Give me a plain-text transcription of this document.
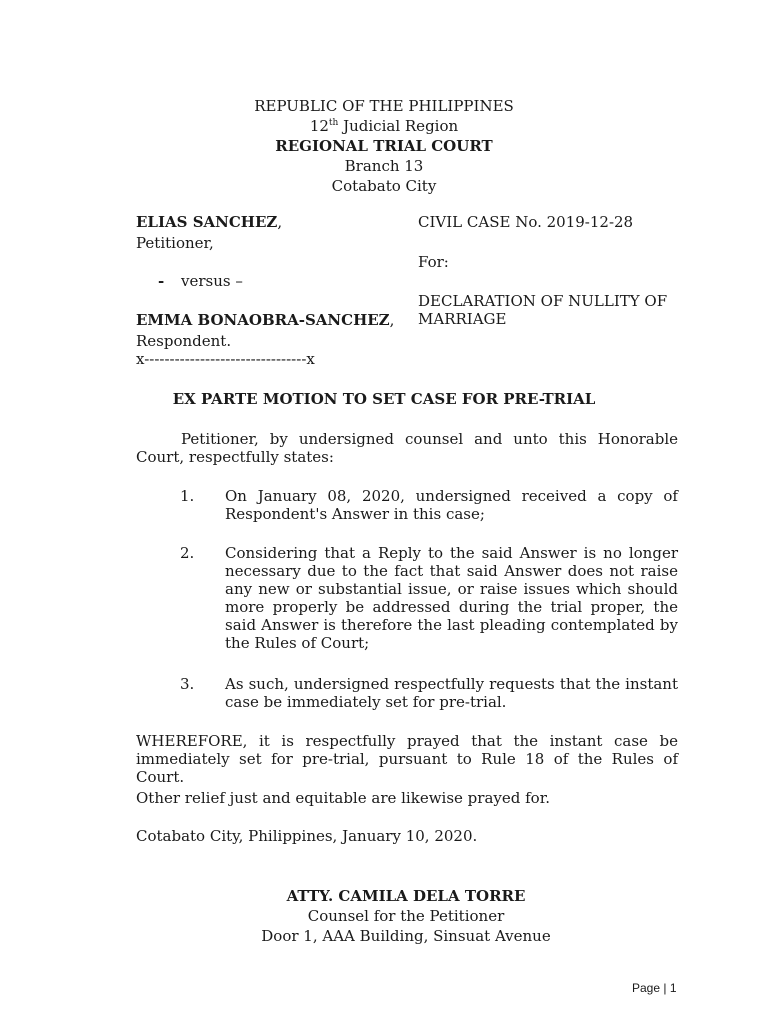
REPUBLIC OF THE PHILIPPINES
12th Judicial Region
REGIONAL TRIAL COURT
Branch 13
Cotabato City
ELIAS SANCHEZ,
Petitioner,
- versus –
EMMA BONAOBRA-SANCHEZ,
Respondent.
x--------------------------------x
CIVIL CASE No. 2019-12-28
For:
DECLARATION OF NULLITY OF
MARRIAGE
EX PARTE MOTION TO SET CASE FOR PRE-TRIAL
Petitioner, by undersigned counsel and unto this Honorable Court, respectfully states:
1. On January 08, 2020, undersigned received a copy of Respondent's Answer in this case;
2. Considering that a Reply to the said Answer is no longer necessary due to the fact that said Answer does not raise any new or substantial issue, or raise issues which should more properly be addressed during the trial proper, the said Answer is therefore the last pleading contemplated by the Rules of Court;
3. As such, undersigned respectfully requests that the instant case be immediately set for pre-trial.
WHEREFORE, it is respectfully prayed that the instant case be immediately set for pre-trial, pursuant to Rule 18 of the Rules of Court.
Other relief just and equitable are likewise prayed for.
Cotabato City, Philippines, January 10, 2020.
ATTY. CAMILA DELA TORRE
Counsel for the Petitioner
Door 1, AAA Building, Sinsuat Avenue
Page | 1
